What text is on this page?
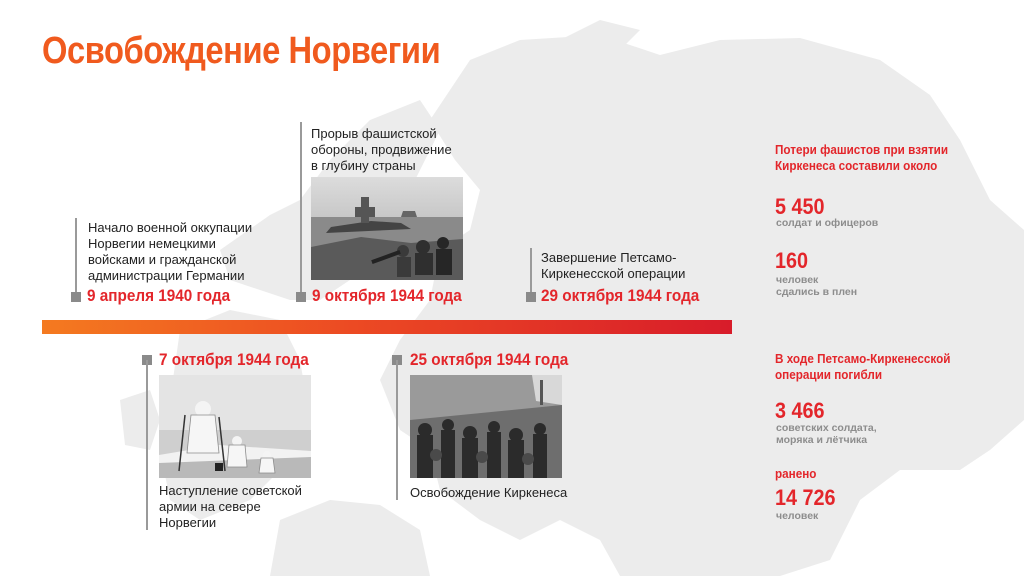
Освобождение Норвегии
Начало военной оккупации
Норвегии немецкими
войсками и гражданской
администрации Германии
9 апреля 1940 года
Прорыв фашистской
обороны, продвижение
в глубину страны
9 октября 1944 года
Завершение Петсамо-
Киркенесской операции
29 октября 1944 года
7 октября 1944 года
Наступление советской
армии на севере
Норвегии
25 октября 1944 года
Освобождение Киркенеса
Потери фашистов при взятии
Киркенеса составили около
5 450
солдат и офицеров
160
человек
сдались в плен
В ходе Петсамо-Киркенесской
операции погибли
3 466
советских солдата,
моряка и лётчика
ранено
14 726
человек
